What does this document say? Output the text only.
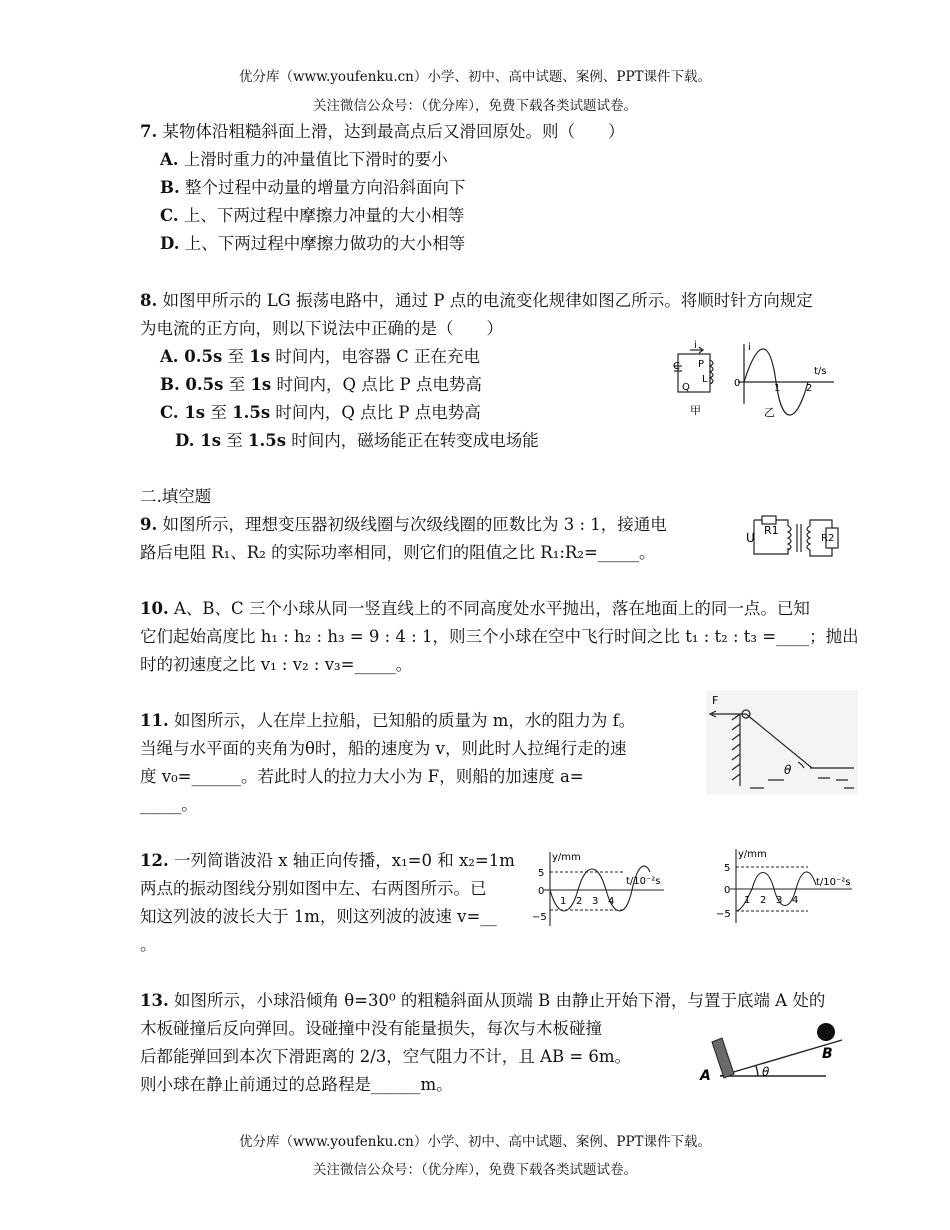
优分库（www.youfenku.cn）小学、初中、高中试题、案例、PPT课件下载。
关注微信公众号：（优分库），免费下载各类试题试卷。
7. 某物体沿粗糙斜面上滑，达到最高点后又滑回原处。则（　　）
A. 上滑时重力的冲量值比下滑时的要小
B. 整个过程中动量的增量方向沿斜面向下
C. 上、下两过程中摩擦力冲量的大小相等
D. 上、下两过程中摩擦力做功的大小相等
8. 如图甲所示的 LG 振荡电路中，通过 P 点的电流变化规律如图乙所示。将顺时针方向规定
为电流的正方向，则以下说法中正确的是（　　）
A. 0.5s 至 1s 时间内，电容器 C 正在充电
B. 0.5s 至 1s 时间内，Q 点比 P 点电势高
C. 1s 至 1.5s 时间内，Q 点比 P 点电势高
D. 1s 至 1.5s 时间内，磁场能正在转变成电场能
C P
L
Q
i
甲
i
t/s
0	1	2
乙
二.填空题
9. 如图所示，理想变压器初级线圈与次级线圈的匝数比为 3 : 1，接通电
路后电阻 R₁、R₂ 的实际功率相同，则它们的阻值之比 R₁:R₂=_____。
U
R1
R2
10. A、B、C 三个小球从同一竖直线上的不同高度处水平抛出，落在地面上的同一点。已知
它们起始高度比 h₁ : h₂ : h₃ = 9 : 4 : 1，则三个小球在空中飞行时间之比 t₁ : t₂ : t₃ =____；抛出
时的初速度之比 v₁ : v₂ : v₃=_____。
11. 如图所示，人在岸上拉船，已知船的质量为 m，水的阻力为 f。
当绳与水平面的夹角为θ时，船的速度为 v，则此时人拉绳行走的速
度 v₀=______。若此时人的拉力大小为 F，则船的加速度 a=
_____。
F
θ
12. 一列简谐波沿 x 轴正向传播，x₁=0 和 x₂=1m
两点的振动图线分别如图中左、右两图所示。已
知这列波的波长大于 1m，则这列波的波速 v=__
。
y/mm
t/10⁻²s
5
0
−5
1 2 3 4
y/mm
t/10⁻²s
5
0
−5
1 2 3 4
13. 如图所示，小球沿倾角 θ=30⁰ 的粗糙斜面从顶端 B 由静止开始下滑，与置于底端 A 处的
木板碰撞后反向弹回。设碰撞中没有能量损失，每次与木板碰撞
后都能弹回到本次下滑距离的 2/3，空气阻力不计，且 AB = 6m。
则小球在静止前通过的总路程是______m。	A
B
θ
优分库（www.youfenku.cn）小学、初中、高中试题、案例、PPT课件下载。
关注微信公众号：（优分库），免费下载各类试题试卷。
